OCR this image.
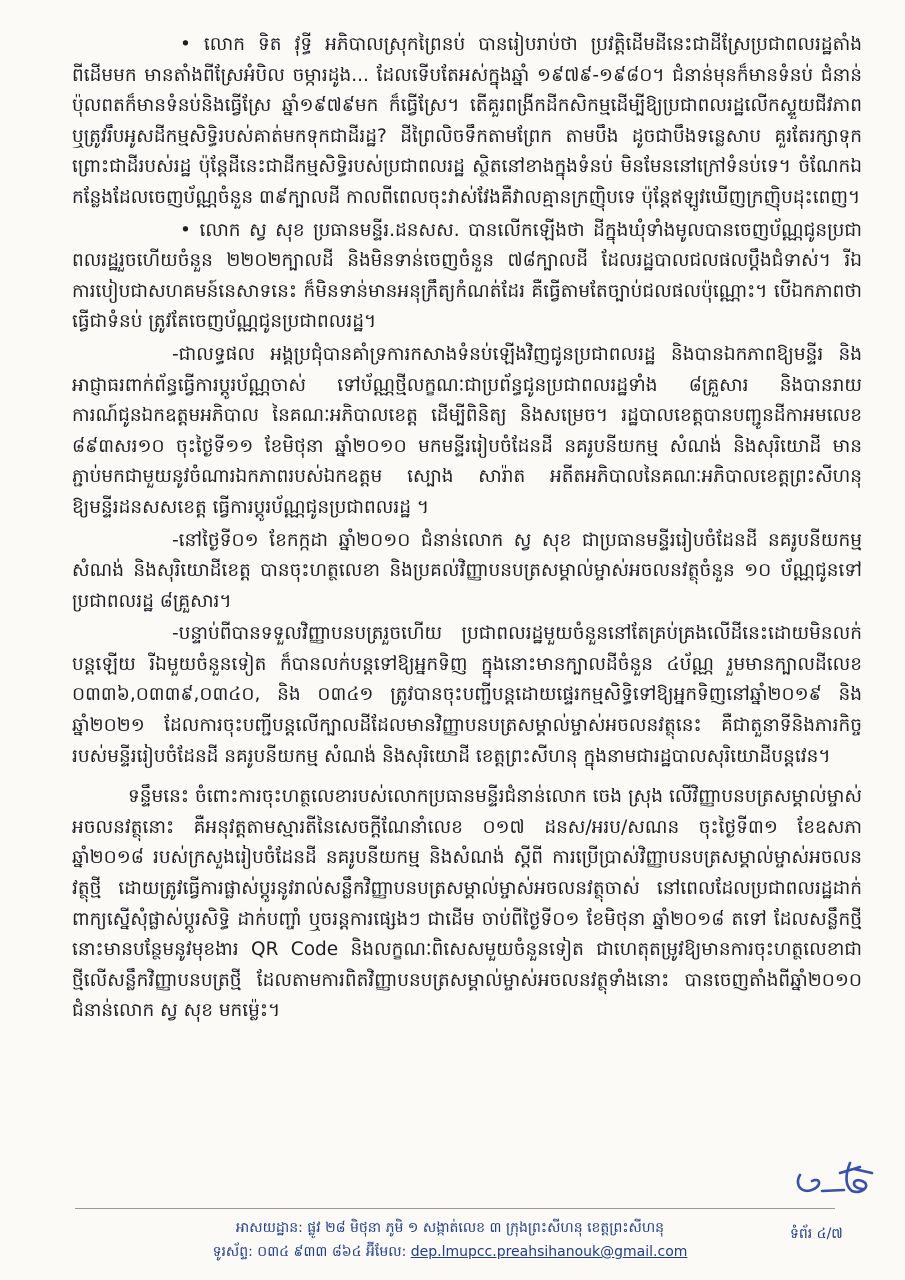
• លោក ទិត វុទ្ធី អភិបាលស្រុកព្រៃនប់ បានរៀបរាប់ថា ប្រវត្តិដើមដីនេះជាដីស្រែប្រជាពលរដ្ឋតាំងពីដើមមក មានតាំងពីស្រែអំបិល ចម្ការដូង... ដែលទើបតែអស់ក្នុងឆ្នាំ ១៩៧៩-១៩៨០។ ជំនាន់មុនក៏មានទំនប់ ជំនាន់ប៉ុលពតក៏មានទំនប់និងធ្វើស្រែ ឆ្នាំ១៩៧៩មក ក៏ធ្វើស្រែ។ តើគួរពង្រីកដីកសិកម្មដើម្បីឱ្យប្រជាពលរដ្ឋលើកស្ទួយជីវភាព ឬត្រូវរឹបអូសដីកម្មសិទ្ធិរបស់គាត់មកទុកជាដីរដ្ឋ? ដីព្រៃលិចទឹកតាមព្រែក តាមបឹង ដូចជាបឹងទន្លេសាប គួរតែរក្សាទុកព្រោះជាដីរបស់រដ្ឋ ប៉ុន្តែដីនេះជាដីកម្មសិទ្ធិរបស់ប្រជាពលរដ្ឋ ស្ថិតនៅខាងក្នុងទំនប់ មិនមែននៅក្រៅទំនប់ទេ។ ចំណែកឯកន្លែងដែលចេញប័ណ្ណចំនួន ៣៩ក្បាលដី កាលពីពេលចុះវាស់វែងគឺវាលគ្មានក្រញ៉ិបទេ ប៉ុន្តែឥឡូវឃើញក្រញ៉ិបដុះពេញ។

• លោក ស្វ សុខ ប្រធានមន្ទីរ.ដនសស. បានលើកឡើងថា ដីក្នុងឃុំទាំងមូលបានចេញប័ណ្ណជូនប្រជាពលរដ្ឋរួចហើយចំនួន ២២០២ក្បាលដី និងមិនទាន់ចេញចំនួន ៧៨ក្បាលដី ដែលរដ្ឋបាលជលផលប្តឹងជំទាស់។ រីឯការបៀបជាសហគមន៍នេសាទនេះ ក៏មិនទាន់មានអនុក្រឹត្យកំណត់ដែរ គឺធ្វើតាមតែច្បាប់ជលផលប៉ុណ្ណោះ។ បើឯកភាពថាធ្វើជាទំនប់ ត្រូវតែចេញប័ណ្ណជូនប្រជាពលរដ្ឋ។

-ជាលទ្ធផល អង្គប្រជុំបានគាំទ្រការកសាងទំនប់ឡើងវិញជូនប្រជាពលរដ្ឋ និងបានឯកភាពឱ្យមន្ទីរ និងអាជ្ញាធរពាក់ព័ន្ធធ្វើការប្តូរប័ណ្ណចាស់ ទៅប័ណ្ណថ្មីលក្ខណៈជាប្រព័ន្ធជូនប្រជាពលរដ្ឋទាំង ៨គ្រួសារ និងបានរាយការណ៍ជូនឯកឧត្តមអភិបាល នៃគណៈអភិបាលខេត្ត ដើម្បីពិនិត្យ និងសម្រេច។ រដ្ឋបាលខេត្តបានបញ្ជូនដីកាអមលេខ ៨៩៣សរ១០ ចុះថ្ងៃទី១១ ខែមិថុនា ឆ្នាំ២០១០ មកមន្ទីររៀបចំដែនដី នគរូបនីយកម្ម សំណង់ និងសុរិយោដី មានភ្ជាប់មកជាមួយនូវចំណារឯកភាពរបស់ឯកឧត្តម ស្បោង សារ៉ាត អតីតអភិបាលនៃគណៈអភិបាលខេត្តព្រះសីហនុ ឱ្យមន្ទីរដនសសខេត្ត ធ្វើការប្តូរប័ណ្ណជូនប្រជាពលរដ្ឋ ។

-នៅថ្ងៃទី០១ ខែកក្កដា ឆ្នាំ២០១០ ជំនាន់លោក ស្វ សុខ ជាប្រធានមន្ទីររៀបចំដែនដី នគរូបនីយកម្ម សំណង់ និងសុរិយោដីខេត្ត បានចុះហត្ថលេខា និងប្រគល់វិញ្ញាបនបត្រសម្គាល់ម្ចាស់អចលនវត្ថុចំនួន ១០ ប័ណ្ណជូនទៅប្រជាពលរដ្ឋ ៨គ្រួសារ។

-បន្ទាប់ពីបានទទួលវិញ្ញាបនបត្ររួចហើយ ប្រជាពលរដ្ឋមួយចំនួននៅតែគ្រប់គ្រងលើដីនេះដោយមិនលក់បន្តឡើយ រីឯមួយចំនួនទៀត ក៏បានលក់បន្តទៅឱ្យអ្នកទិញ ក្នុងនោះមានក្បាលដីចំនួន ៤ប័ណ្ណ រួមមានក្បាលដីលេខ ០៣៣៦,០៣៣៩,០៣៤០, និង ០៣៤១ ត្រូវបានចុះបញ្ជីបន្តដោយផ្ទេរកម្មសិទ្ធិទៅឱ្យអ្នកទិញនៅឆ្នាំ២០១៩ និងឆ្នាំ២០២១ ដែលការចុះបញ្ជីបន្តលើក្បាលដីដែលមានវិញ្ញាបនបត្រសម្គាល់ម្ចាស់អចលនវត្ថុនេះ គឺជាតួនាទីនិងភារកិច្ចរបស់មន្ទីររៀបចំដែនដី នគរូបនីយកម្ម សំណង់ និងសុរិយោដី ខេត្តព្រះសីហនុ ក្នុងនាមជារដ្ឋបាលសុរិយោដីបន្តវេន។

ទន្ទឹមនេះ ចំពោះការចុះហត្ថលេខារបស់លោកប្រធានមន្ទីរជំនាន់លោក ចេង ស្រុង លើវិញ្ញាបនបត្រសម្គាល់ម្ចាស់អចលនវត្ថុនោះ គឺអនុវត្តតាមស្មារតីនៃសេចក្តីណែនាំលេខ ០១៧ ដនស/អរប/សណន ចុះថ្ងៃទី៣១ ខែឧសភា ឆ្នាំ២០១៨ របស់ក្រសួងរៀបចំដែនដី នគរូបនីយកម្ម និងសំណង់ ស្តីពី ការប្រើប្រាស់វិញ្ញាបនបត្រសម្គាល់ម្ចាស់អចលនវត្ថុថ្មី ដោយត្រូវធ្វើការផ្លាស់ប្តូរនូវរាល់សន្លឹកវិញ្ញាបនបត្រសម្គាល់ម្ចាស់អចលនវត្ថុចាស់ នៅពេលដែលប្រជាពលរដ្ឋដាក់ពាក្យស្នើសុំផ្លាស់ប្តូរសិទ្ធិ ដាក់បញ្ចាំ ឬចរន្តការផ្សេងៗ ជាដើម ចាប់ពីថ្ងៃទី០១ ខែមិថុនា ឆ្នាំ២០១៨ តទៅ ដែលសន្លឹកថ្មីនោះមានបន្ថែមនូវមុខងារ QR Code និងលក្ខណៈពិសេសមួយចំនួនទៀត ជាហេតុតម្រូវឱ្យមានការចុះហត្ថលេខាជាថ្មីលើសន្លឹកវិញ្ញាបនបត្រថ្មី ដែលតាមការពិតវិញ្ញាបនបត្រសម្គាល់ម្ចាស់អចលនវត្ថុទាំងនោះ បានចេញតាំងពីឆ្នាំ២០១០ ជំនាន់លោក ស្វ សុខ មកម្ល៉េះ។

អាសយដ្ឋាន: ផ្លូវ ២៨ មិថុនា ភូមិ ១ សង្កាត់លេខ ៣ ក្រុងព្រះសីហនុ ខេត្តព្រះសីហនុ
ទូរស័ព្ទ: ០៣៤ ៩៣៣ ៨៦៤ អ៊ីមែល: dep.lmupcc.preahsihanouk@gmail.com
ទំព័រ ៤/៧
